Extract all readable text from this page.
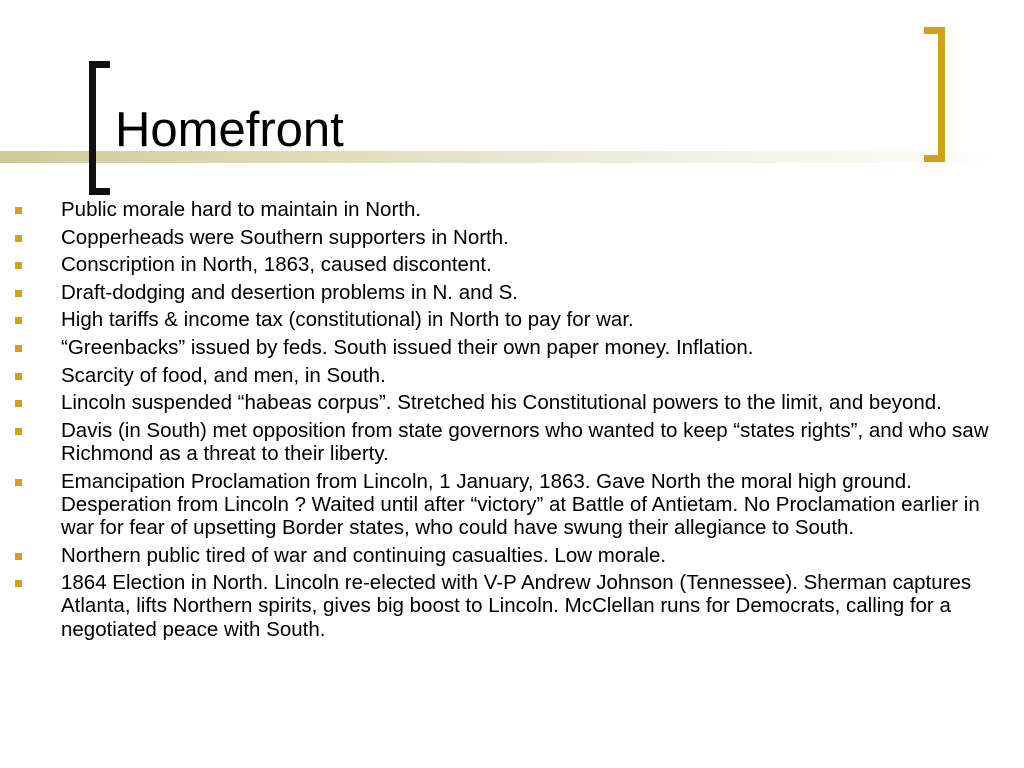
Homefront
Public morale hard to maintain in North.
Copperheads were Southern supporters in North.
Conscription in North, 1863, caused discontent.
Draft-dodging and desertion problems in N. and S.
High tariffs & income tax (constitutional) in North to pay for war.
“Greenbacks” issued by feds. South issued their own paper money. Inflation.
Scarcity of food, and men, in South.
Lincoln suspended “habeas corpus”. Stretched his Constitutional powers to the limit, and beyond.
Davis (in South) met opposition from state governors who wanted to keep “states rights”, and who saw Richmond as a threat to their liberty.
Emancipation Proclamation from Lincoln, 1 January, 1863. Gave North the moral high ground. Desperation from Lincoln ? Waited until after “victory” at Battle of Antietam. No Proclamation earlier in war for fear of upsetting Border states, who could have swung their allegiance to South.
Northern public tired of war and continuing casualties. Low morale.
1864 Election in North. Lincoln re-elected with V-P Andrew Johnson (Tennessee). Sherman captures Atlanta, lifts Northern spirits, gives big boost to Lincoln. McClellan runs for Democrats, calling for a negotiated peace with South.
